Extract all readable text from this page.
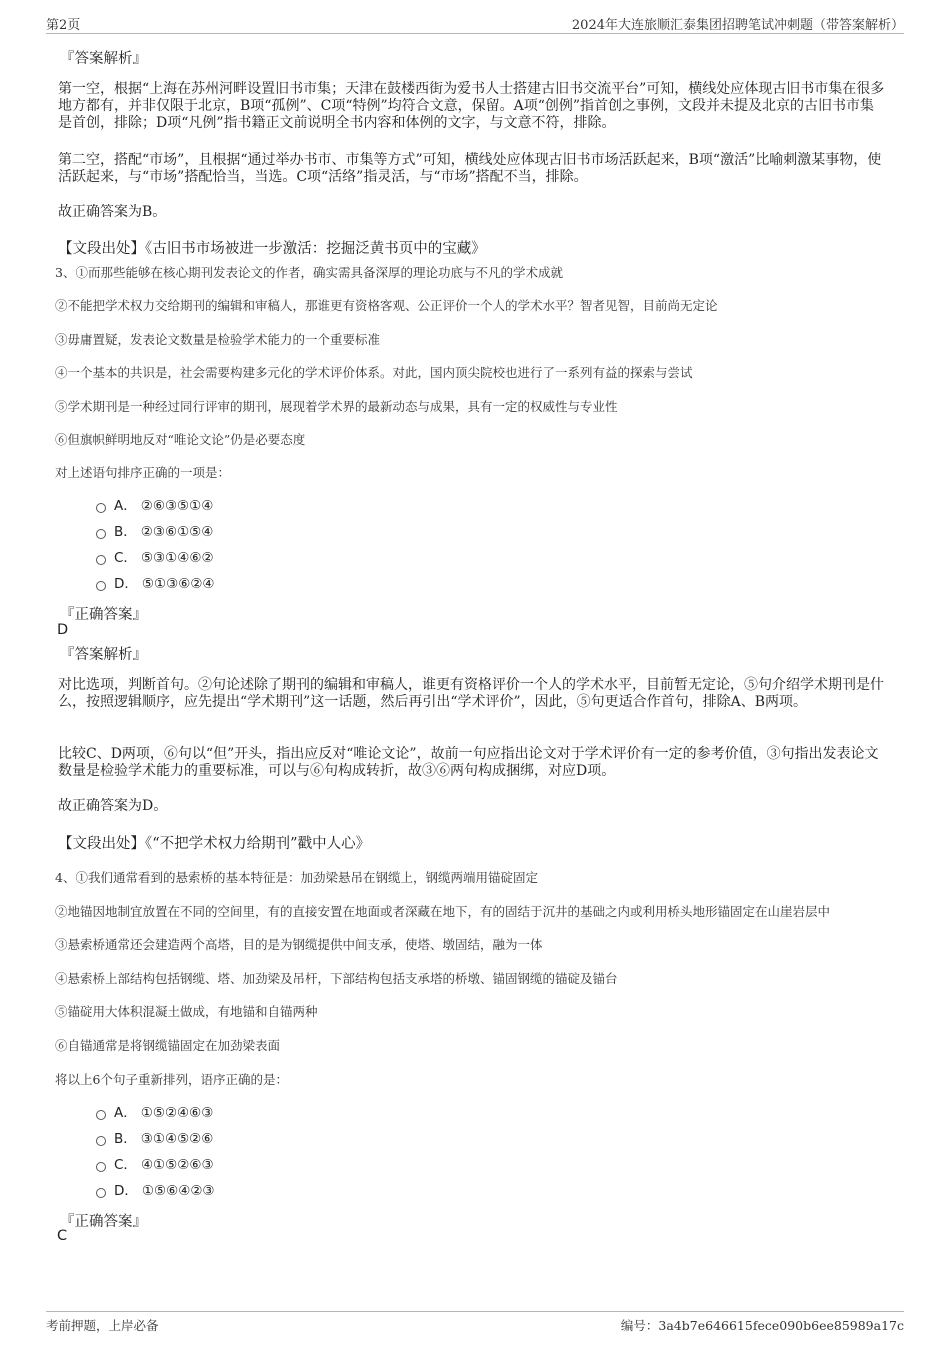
第2页	2024年大连旅顺汇泰集团招聘笔试冲刺题（带答案解析）
『答案解析』

第一空，根据“上海在苏州河畔设置旧书市集；天津在鼓楼西街为爱书人士搭建古旧书交流平台”可知，横线处应体现古旧书市集在很多地方都有，并非仅限于北京，B项“孤例”、C项“特例”均符合文意，保留。A项“创例”指首创之事例，文段并未提及北京的古旧书市集是首创，排除；D项“凡例”指书籍正文前说明全书内容和体例的文字，与文意不符，排除。

第二空，搭配“市场”，且根据“通过举办书市、市集等方式”可知，横线处应体现古旧书市场活跃起来，B项“激活”比喻刺激某事物，使活跃起来，与“市场”搭配恰当，当选。C项“活络”指灵活，与“市场”搭配不当，排除。

故正确答案为B。

【文段出处】《古旧书市场被进一步激活：挖掘泛黄书页中的宝藏》
3、①而那些能够在核心期刊发表论文的作者，确实需具备深厚的理论功底与不凡的学术成就
②不能把学术权力交给期刊的编辑和审稿人，那谁更有资格客观、公正评价一个人的学术水平？智者见智，目前尚无定论
③毋庸置疑，发表论文数量是检验学术能力的一个重要标准
④一个基本的共识是，社会需要构建多元化的学术评价体系。对此，国内顶尖院校也进行了一系列有益的探索与尝试
⑤学术期刊是一种经过同行评审的期刊，展现着学术界的最新动态与成果，具有一定的权威性与专业性
⑥但旗帜鲜明地反对“唯论文论”仍是必要态度
对上述语句排序正确的一项是：
A． ②⑥③⑤①④
B． ②③⑥①⑤④
C． ⑤③①④⑥②
D． ⑤①③⑥②④
『正确答案』
D
『答案解析』

对比选项，判断首句。②句论述除了期刊的编辑和审稿人，谁更有资格评价一个人的学术水平，目前暂无定论，⑤句介绍学术期刊是什么，按照逻辑顺序，应先提出“学术期刊”这一话题，然后再引出“学术评价”，因此，⑤句更适合作首句，排除A、B两项。

比较C、D两项，⑥句以“但”开头，指出应反对“唯论文论”，故前一句应指出论文对于学术评价有一定的参考价值，③句指出发表论文数量是检验学术能力的重要标准，可以与⑥句构成转折，故③⑥两句构成捆绑，对应D项。

故正确答案为D。

【文段出处】《“不把学术权力给期刊”戳中人心》
4、①我们通常看到的悬索桥的基本特征是：加劲梁悬吊在钢缆上，钢缆两端用锚碇固定
②地锚因地制宜放置在不同的空间里，有的直接安置在地面或者深藏在地下，有的固结于沉井的基础之内或利用桥头地形锚固定在山崖岩层中
③悬索桥通常还会建造两个高塔，目的是为钢缆提供中间支承，使塔、墩固结，融为一体
④悬索桥上部结构包括钢缆、塔、加劲梁及吊杆，下部结构包括支承塔的桥墩、锚固钢缆的锚碇及锚台
⑤锚碇用大体积混凝土做成，有地锚和自锚两种
⑥自锚通常是将钢缆锚固定在加劲梁表面
将以上6个句子重新排列，语序正确的是：
A． ①⑤②④⑥③
B． ③①④⑤②⑥
C． ④①⑤②⑥③
D． ①⑤⑥④②③
『正确答案』
C
考前押题，上岸必备	编号：3a4b7e646615fece090b6ee85989a17c
